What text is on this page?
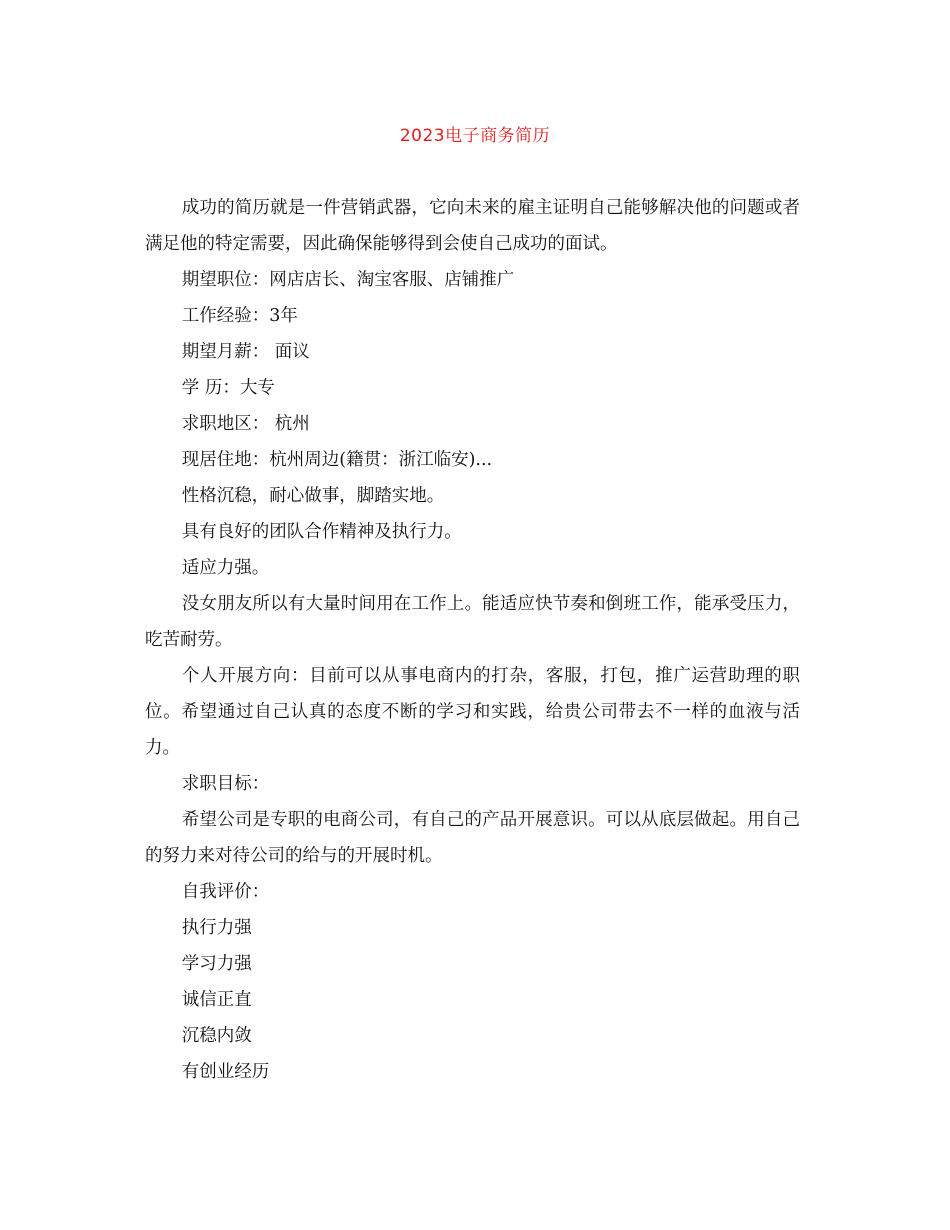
2023电子商务简历

成功的简历就是一件营销武器，它向未来的雇主证明自己能够解决他的问题或者满足他的特定需要，因此确保能够得到会使自己成功的面试。

期望职位：网店店长、淘宝客服、店铺推广

工作经验：3年

期望月薪： 面议

学 历：大专

求职地区： 杭州

现居住地：杭州周边(籍贯：浙江临安)...

性格沉稳，耐心做事，脚踏实地。

具有良好的团队合作精神及执行力。

适应力强。

没女朋友所以有大量时间用在工作上。能适应快节奏和倒班工作，能承受压力，吃苦耐劳。

个人开展方向：目前可以从事电商内的打杂，客服，打包，推广运营助理的职位。希望通过自己认真的态度不断的学习和实践，给贵公司带去不一样的血液与活力。

求职目标：

希望公司是专职的电商公司，有自己的产品开展意识。可以从底层做起。用自己的努力来对待公司的给与的开展时机。

自我评价：

执行力强

学习力强

诚信正直

沉稳内敛

有创业经历
